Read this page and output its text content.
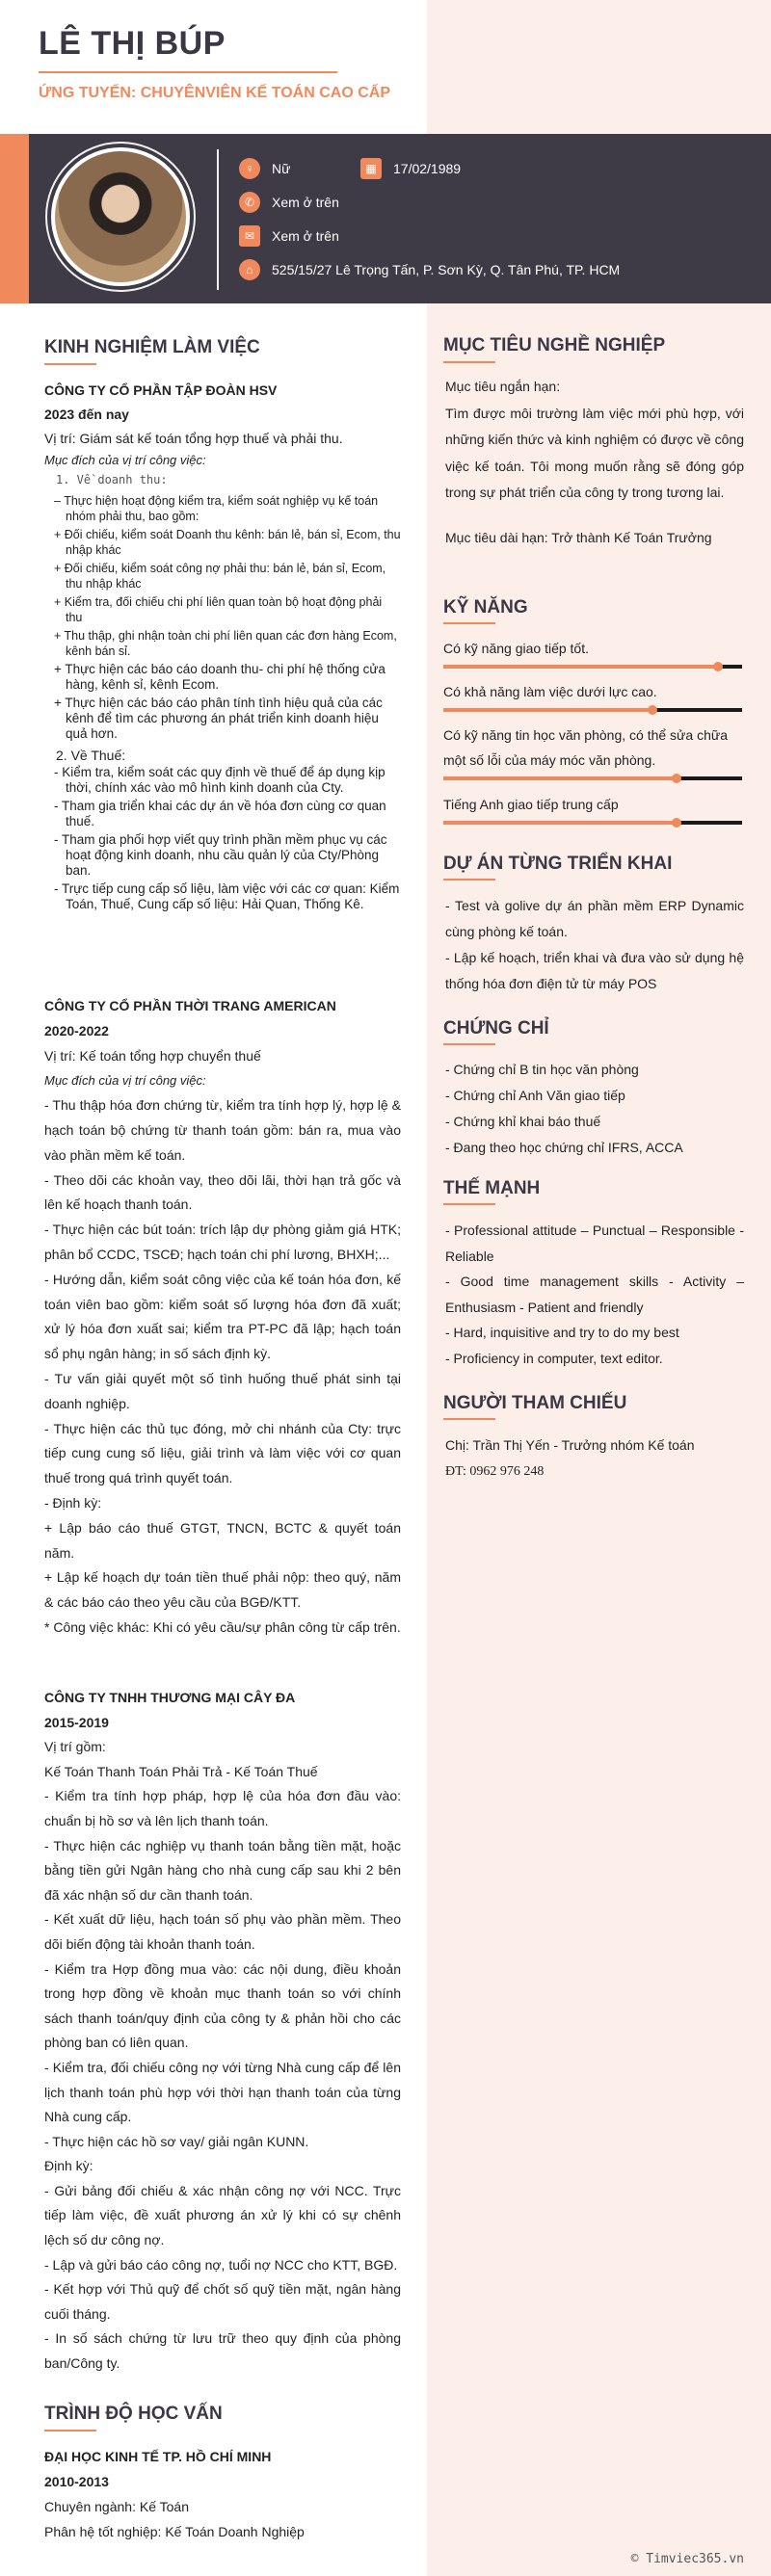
LÊ THỊ BÚP
ỨNG TUYỂN: CHUYÊNVIÊN KẾ TOÁN CAO CẤP
♀	Nữ	▦	17/02/1989
✆	Xem ở trên
✉	Xem ở trên
⌂	525/15/27 Lê Trọng Tấn, P. Sơn Kỳ, Q. Tân Phú, TP. HCM
KINH NGHIỆM LÀM VIỆC

CÔNG TY CỔ PHẦN TẬP ĐOÀN HSV

2023 đến nay

Vị trí: Giám sát kế toán tổng hợp thuế và phải thu.

Mục đích của vị trí công việc:

1. Về doanh thu:

– Thực hiện hoạt động kiểm tra, kiểm soát nghiệp vụ kế toán nhóm phải thu, bao gồm:

+ Đối chiếu, kiểm soát Doanh thu kênh: bán lẻ, bán sỉ, Ecom, thu nhập khác

+ Đối chiếu, kiểm soát công nợ phải thu: bán lẻ, bán sỉ, Ecom, thu nhập khác

+ Kiểm tra, đối chiếu chi phí liên quan toàn bộ hoạt động phải thu

+ Thu thập, ghi nhận toàn chi phí liên quan các đơn hàng Ecom, kênh bán sỉ.

+ Thực hiện các báo cáo doanh thu- chi phí hệ thống cửa hàng, kênh sỉ, kênh Ecom.

+ Thực hiện các báo cáo phân tính tình hiệu quả của các kênh để tìm các phương án phát triển kinh doanh hiệu quả hơn.

2. Về Thuế:

- Kiểm tra, kiểm soát các quy định về thuế để áp dụng kịp thời, chính xác vào mô hình kinh doanh của Cty.

- Tham gia triển khai các dự án về hóa đơn cùng cơ quan thuế.

- Tham gia phối hợp viết quy trình phần mềm phục vụ các hoạt động kinh doanh, nhu cầu quản lý của Cty/Phòng ban.

- Trực tiếp cung cấp số liệu, làm việc với các cơ quan: Kiểm Toán, Thuế, Cung cấp số liệu: Hải Quan, Thống Kê.

CÔNG TY CỔ PHẦN THỜI TRANG AMERICAN

2020-2022

Vị trí: Kế toán tổng hợp chuyển thuế

Mục đích của vị trí công việc:

- Thu thập hóa đơn chứng từ, kiểm tra tính hợp lý, hợp lệ & hạch toán bộ chứng từ thanh toán gồm: bán ra, mua vào vào phần mềm kế toán.

- Theo dõi các khoản vay, theo dõi lãi, thời hạn trả gốc và lên kế hoạch thanh toán.

- Thực hiện các bút toán: trích lập dự phòng giảm giá HTK; phân bổ CCDC, TSCĐ; hạch toán chi phí lương, BHXH;...

- Hướng dẫn, kiểm soát công việc của kế toán hóa đơn, kế toán viên bao gồm: kiểm soát số lượng hóa đơn đã xuất; xử lý hóa đơn xuất sai; kiểm tra PT-PC đã lập; hạch toán sổ phụ ngân hàng; in số sách định kỳ.

- Tư vấn giải quyết một số tình huống thuế phát sinh tại doanh nghiệp.

- Thực hiện các thủ tục đóng, mở chi nhánh của Cty: trực tiếp cung cung số liệu, giải trình và làm việc với cơ quan thuế trong quá trình quyết toán.

- Định kỳ:

+ Lập báo cáo thuế GTGT, TNCN, BCTC & quyết toán năm.

+ Lập kế hoạch dự toán tiền thuế phải nộp: theo quý, năm & các báo cáo theo yêu cầu của BGĐ/KTT.

* Công việc khác: Khi có yêu cầu/sự phân công từ cấp trên.

CÔNG TY TNHH THƯƠNG MẠI CÂY ĐA

2015-2019

Vị trí gồm:

Kế Toán Thanh Toán Phải Trả - Kế Toán Thuế

- Kiểm tra tính hợp pháp, hợp lệ của hóa đơn đầu vào: chuẩn bị hồ sơ và lên lịch thanh toán.

- Thực hiện các nghiệp vụ thanh toán bằng tiền mặt, hoặc bằng tiền gửi Ngân hàng cho nhà cung cấp sau khi 2 bên đã xác nhận số dư cần thanh toán.

- Kết xuất dữ liệu, hạch toán số phụ vào phần mềm. Theo dõi biến động tài khoản thanh toán.

- Kiểm tra Hợp đồng mua vào: các nội dung, điều khoản trong hợp đồng về khoản mục thanh toán so với chính sách thanh toán/quy định của công ty & phản hồi cho các phòng ban có liên quan.

- Kiểm tra, đối chiếu công nợ với từng Nhà cung cấp để lên lịch thanh toán phù hợp với thời hạn thanh toán của từng Nhà cung cấp.

- Thực hiện các hồ sơ vay/ giải ngân KUNN.

Định kỳ:

- Gửi bảng đối chiếu & xác nhận công nợ với NCC. Trực tiếp làm việc, đề xuất phương án xử lý khi có sự chênh lệch số dư công nợ.

- Lập và gửi báo cáo công nợ, tuổi nợ NCC cho KTT, BGĐ.

- Kết hợp với Thủ quỹ để chốt số quỹ tiền mặt, ngân hàng cuối tháng.

- In số sách chứng từ lưu trữ theo quy định của phòng ban/Công ty.

TRÌNH ĐỘ HỌC VẤN

ĐẠI HỌC KINH TẾ TP. HỒ CHÍ MINH

2010-2013

Chuyên ngành: Kế Toán

Phân hệ tốt nghiệp: Kế Toán Doanh Nghiệp

MỤC TIÊU NGHỀ NGHIỆP

Mục tiêu ngắn hạn:

Tìm được môi trường làm việc mới phù hợp, với những kiến thức và kinh nghiệm có được về công việc kế toán. Tôi mong muốn rằng sẽ đóng góp trong sự phát triển của công ty trong tương lai.

Mục tiêu dài hạn: Trở thành Kế Toán Trưởng

KỸ NĂNG
Có kỹ năng giao tiếp tốt.
Có khả năng làm việc dưới lực cao.
Có kỹ năng tin học văn phòng, có thể sửa chữa một số lỗi của máy móc văn phòng.
Tiếng Anh giao tiếp trung cấp
DỰ ÁN TỪNG TRIỂN KHAI

- Test và golive dự án phần mềm ERP Dynamic cùng phòng kế toán.

- Lập kế hoạch, triển khai và đưa vào sử dụng hệ thống hóa đơn điện tử từ máy POS

CHỨNG CHỈ

- Chứng chỉ B tin học văn phòng

- Chứng chỉ Anh Văn giao tiếp

- Chứng khỉ khai báo thuế

- Đang theo học chứng chỉ IFRS, ACCA

THẾ MẠNH

- Professional attitude – Punctual – Responsible - Reliable

- Good time management skills - Activity – Enthusiasm - Patient and friendly

- Hard, inquisitive and try to do my best

- Proficiency in computer, text editor.

NGƯỜI THAM CHIẾU

Chị: Trần Thị Yến - Trưởng nhóm Kế toán

ĐT: 0962 976 248

© Timviec365.vn
